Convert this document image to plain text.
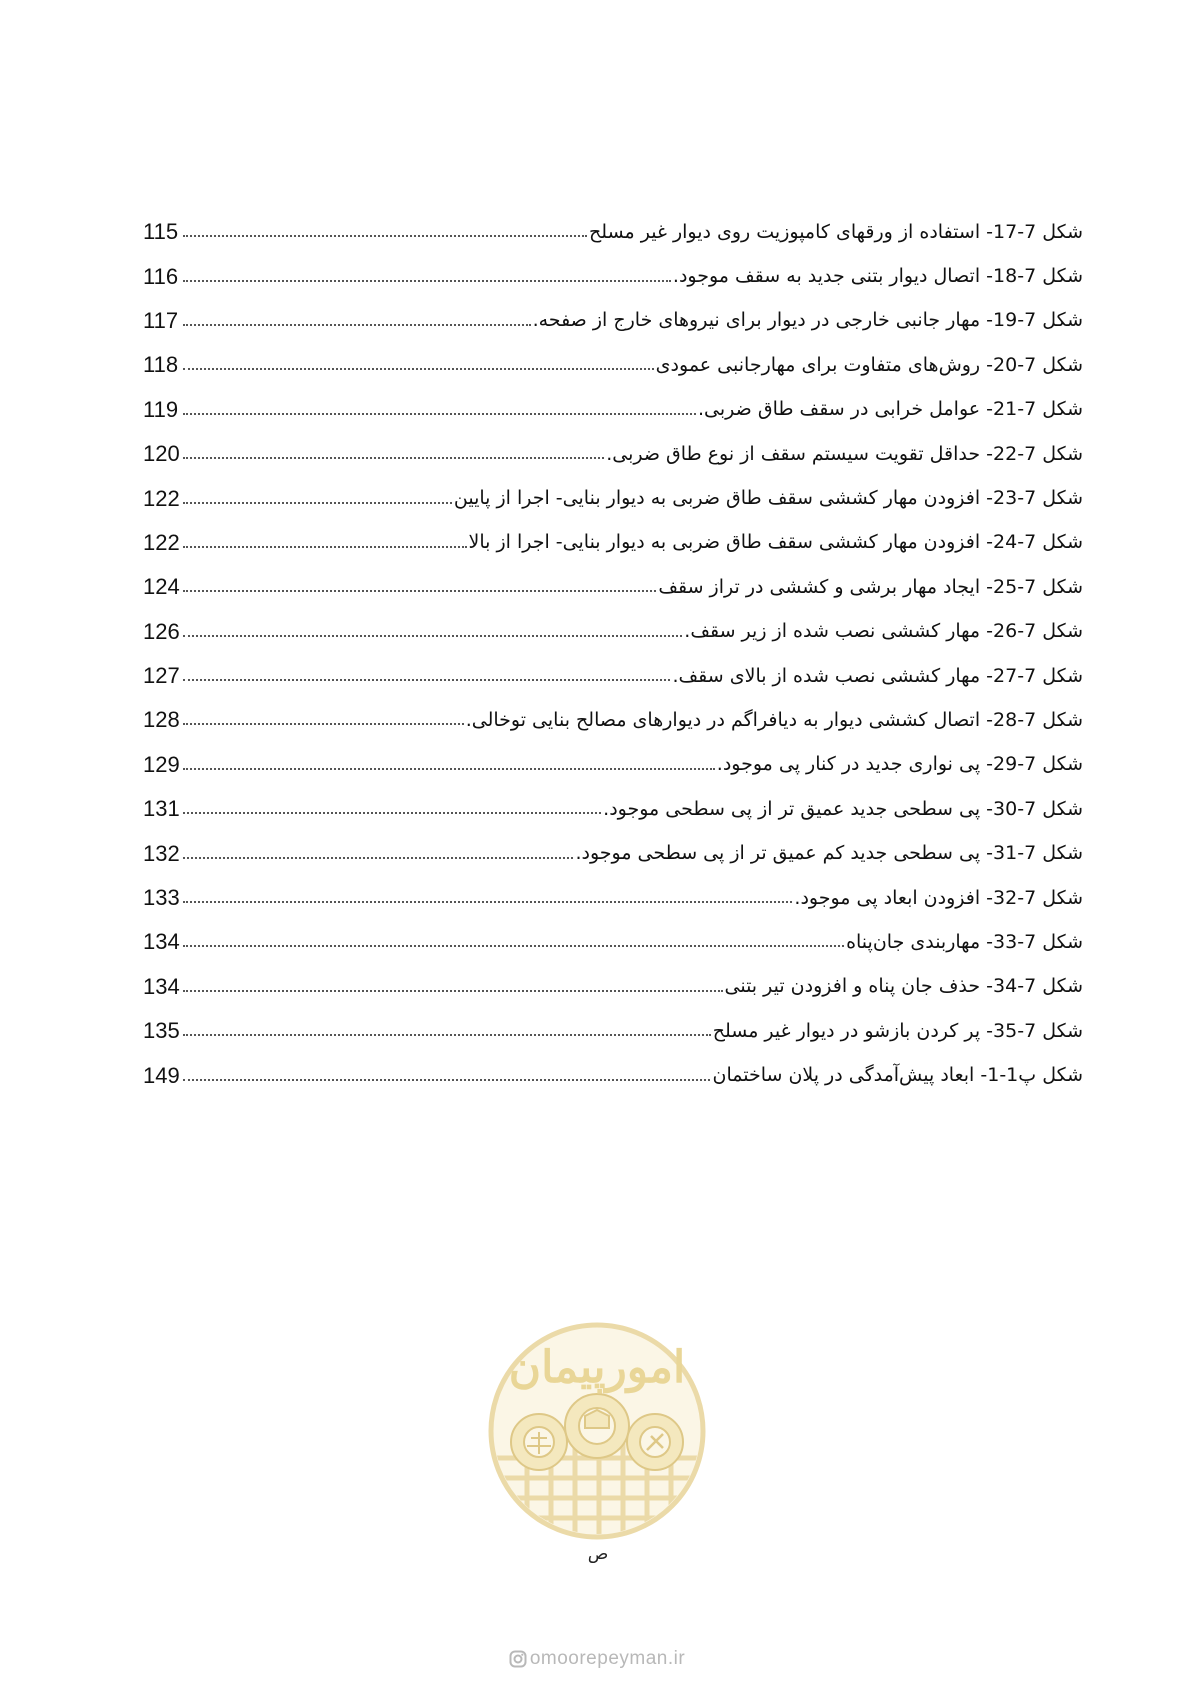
شکل 7-17- استفاده از ورقهای کامپوزیت روی دیوار غیر مسلح
115
شکل 7-18- اتصال دیوار بتنی جدید به سقف موجود.
116
شکل 7-19- مهار جانبی خارجی در دیوار برای نیروهای خارج از صفحه.
117
شکل 7-20- روش‌های متفاوت برای مهارجانبی عمودی
118
شکل 7-21- عوامل خرابی در سقف طاق ضربی.
119
شکل 7-22- حداقل تقویت سیستم سقف از نوع طاق ضربی.
120
شکل 7-23- افزودن مهار کششی سقف طاق ضربی به دیوار بنایی- اجرا از پایین
122
شکل 7-24- افزودن مهار کششی سقف طاق ضربی به دیوار بنایی- اجرا از بالا
122
شکل 7-25- ایجاد مهار برشی و کششی در تراز سقف
124
شکل 7-26- مهار کششی نصب شده از زیر سقف.
126
شکل 7-27- مهار کششی نصب شده از بالای سقف.
127
شکل 7-28- اتصال کششی دیوار به دیافراگم در دیوارهای مصالح بنایی توخالی.
128
شکل 7-29- پی نواری جدید در کنار پی موجود.
129
شکل 7-30- پی سطحی جدید عمیق تر از پی سطحی موجود.
131
شکل 7-31- پی سطحی جدید کم عمیق تر از پی سطحی موجود.
132
شکل 7-32- افزودن ابعاد پی موجود.
133
شکل 7-33- مهاربندی جان‌پناه
134
شکل 7-34- حذف جان پناه و افزودن تیر بتنی
134
شکل 7-35- پر کردن بازشو در دیوار غیر مسلح
135
شکل پ1-1- ابعاد پیش‌آمدگی در پلان ساختمان
149
امورپیمان
ص
omoorepeyman.ir
